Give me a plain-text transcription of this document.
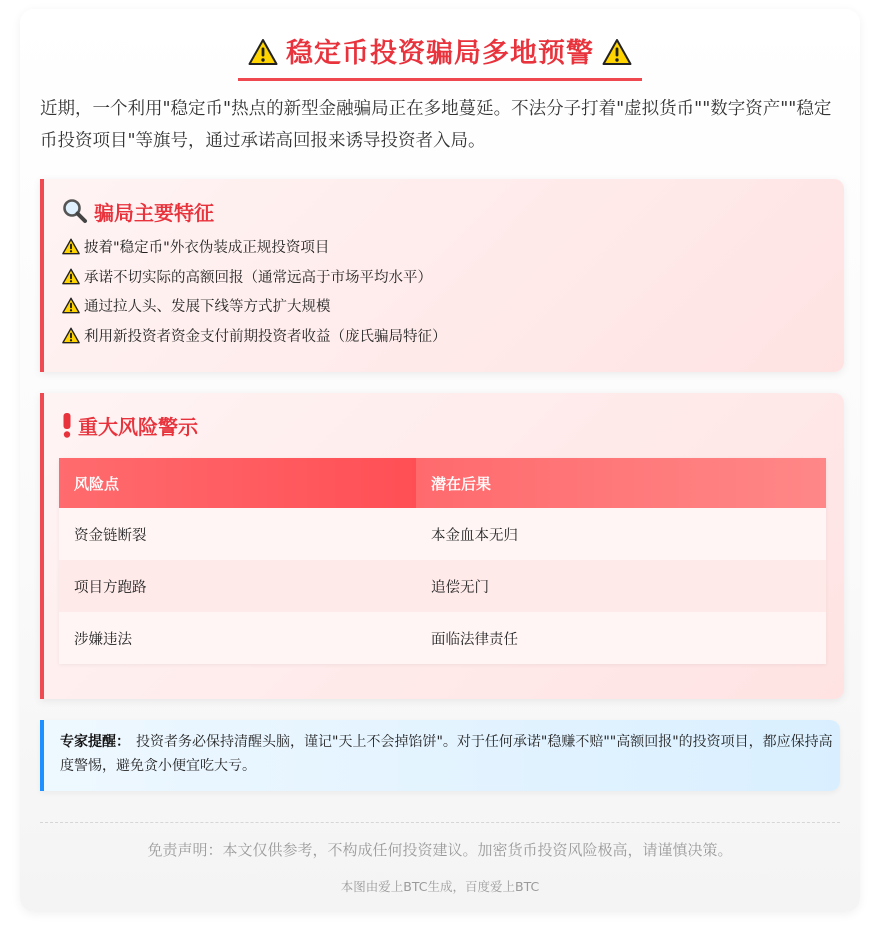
稳定币投资骗局多地预警
近期，一个利用"稳定币"热点的新型金融骗局正在多地蔓延。不法分子打着"虚拟货币""数字资产""稳定币投资项目"等旗号，通过承诺高回报来诱导投资者入局。
骗局主要特征
披着"稳定币"外衣伪装成正规投资项目
承诺不切实际的高额回报（通常远高于市场平均水平）
通过拉人头、发展下线等方式扩大规模
利用新投资者资金支付前期投资者收益（庞氏骗局特征）
重大风险警示
风险点	潜在后果
资金链断裂	本金血本无归
项目方跑路	追偿无门
涉嫌违法	面临法律责任
专家提醒： 投资者务必保持清醒头脑，谨记"天上不会掉馅饼"。对于任何承诺"稳赚不赔""高额回报"的投资项目，都应保持高度警惕，避免贪小便宜吃大亏。
免责声明：本文仅供参考，不构成任何投资建议。加密货币投资风险极高，请谨慎决策。
本图由爱上BTC生成，百度爱上BTC
